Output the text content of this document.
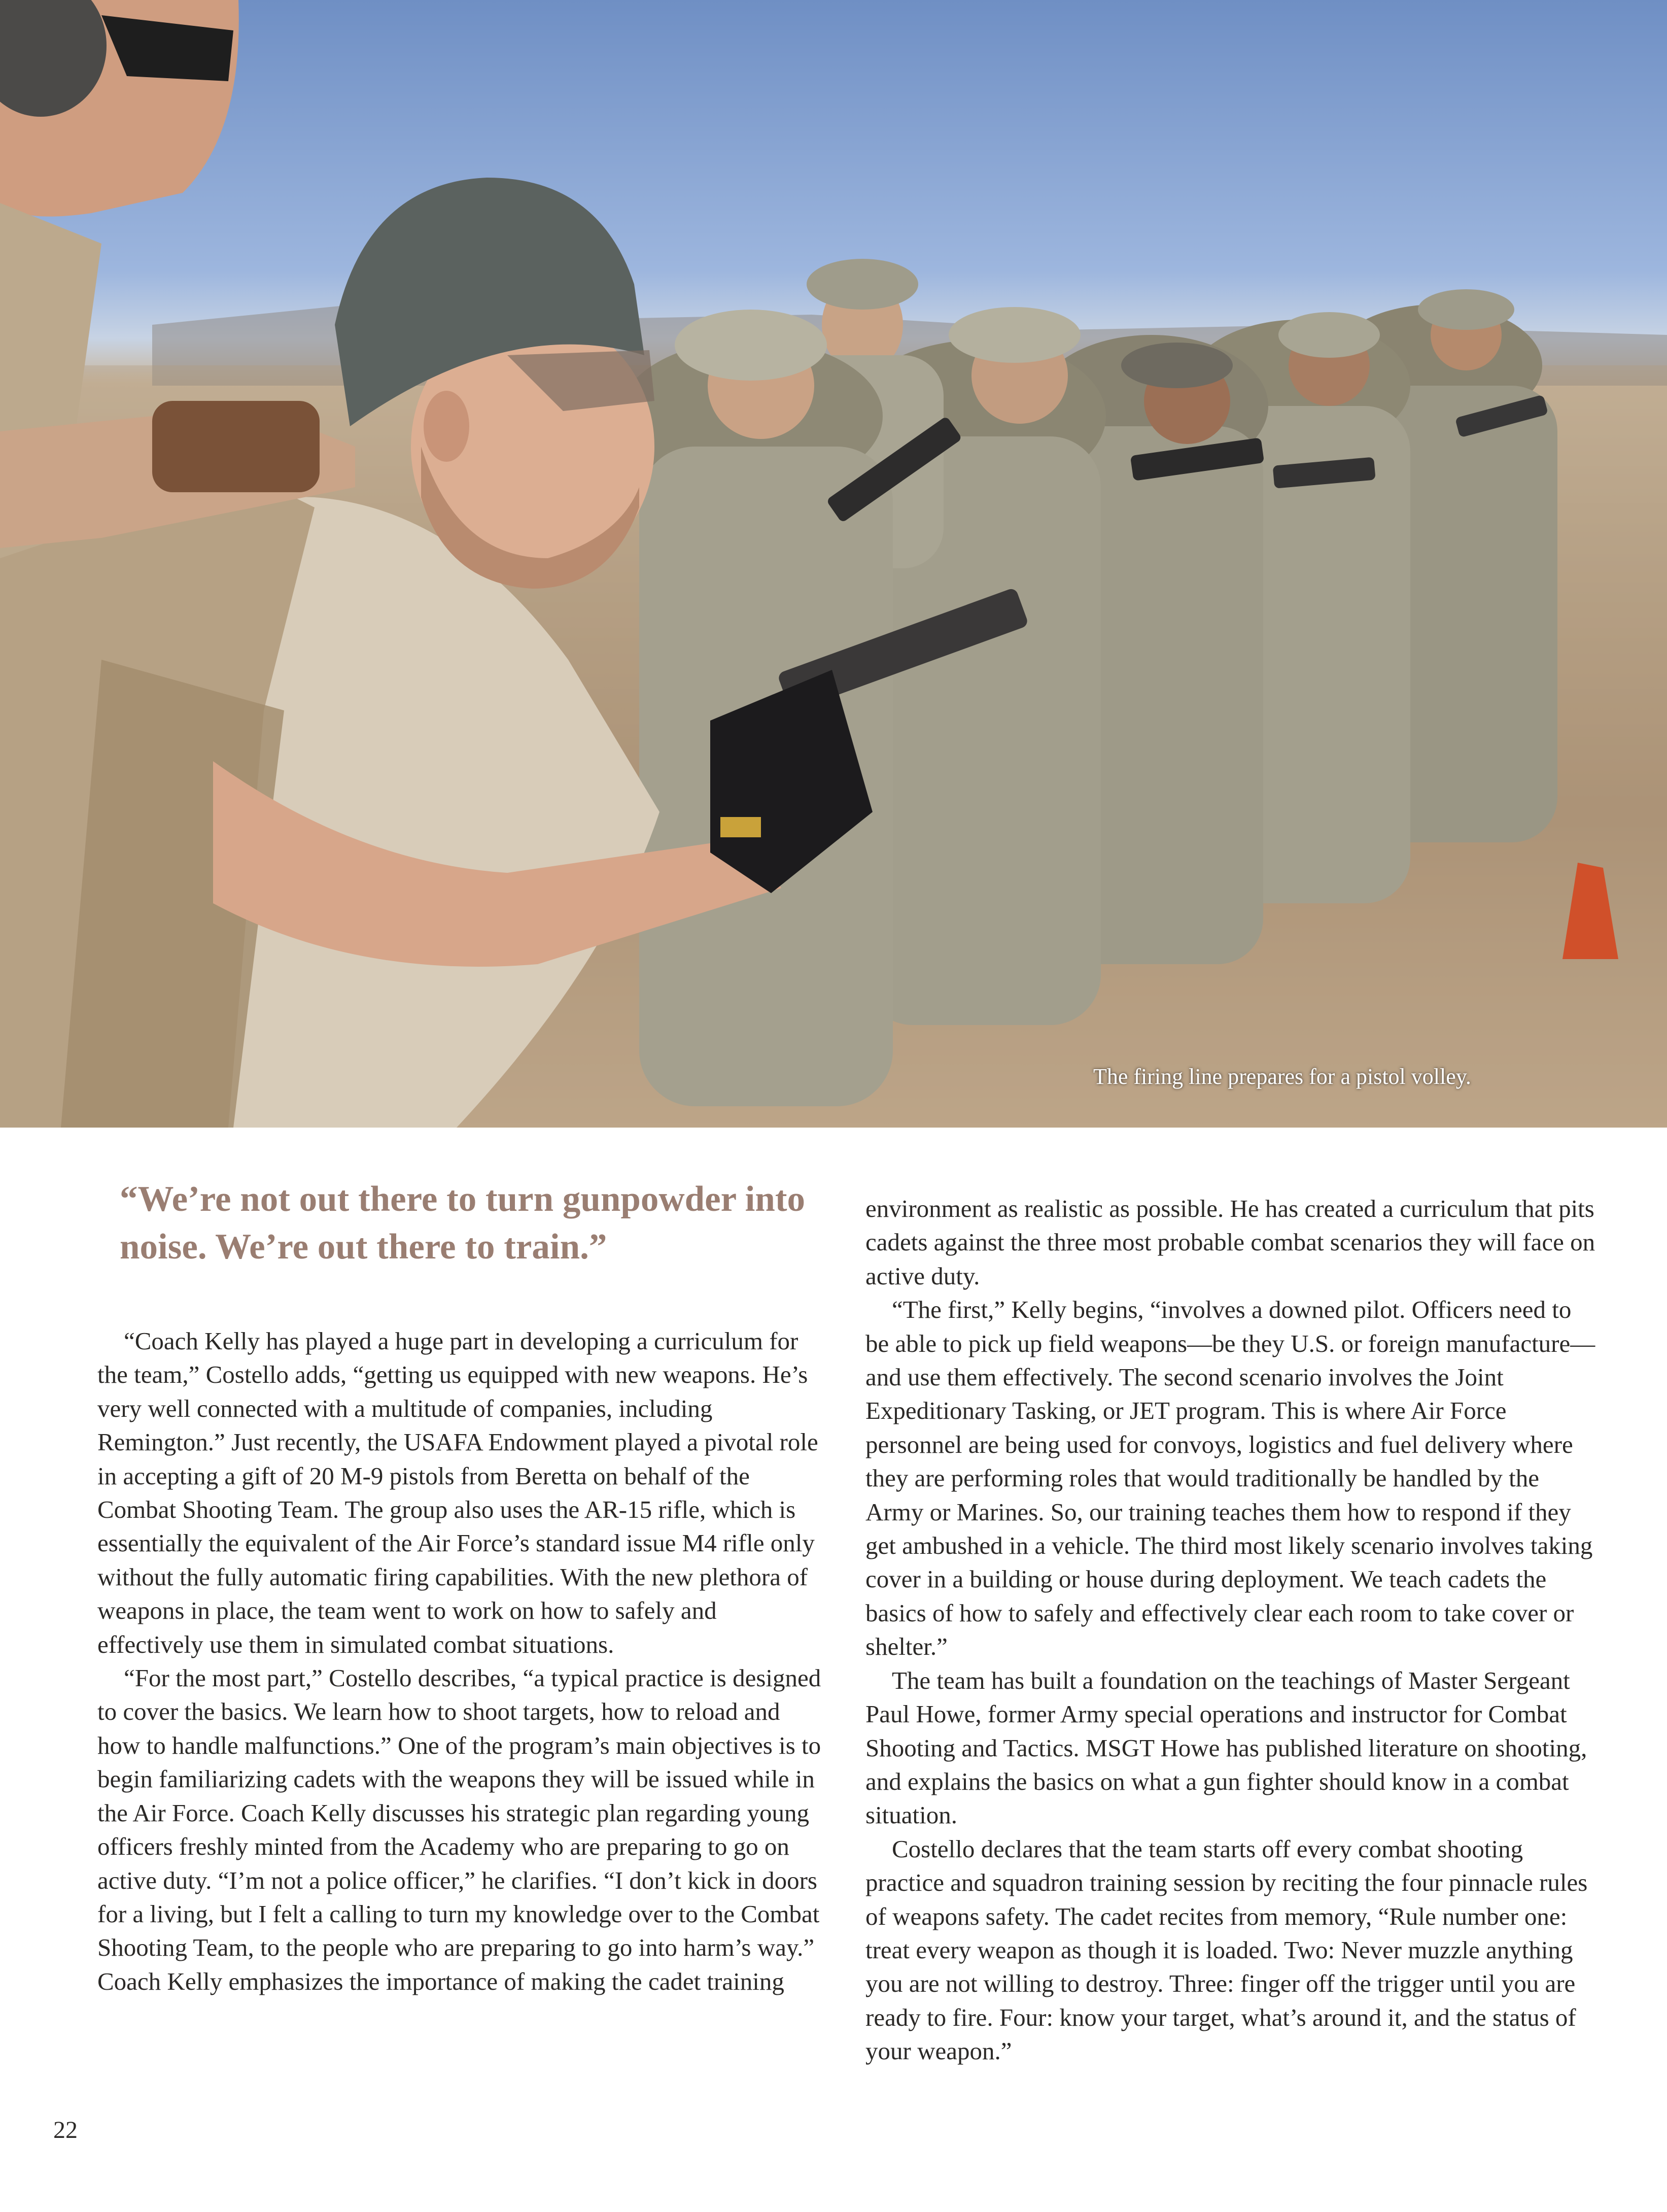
The firing line prepares for a pistol volley.

“We’re not out there to turn gunpowder into noise. We’re out there to train.”

“Coach Kelly has played a huge part in developing a curriculum for the team,” Costello adds, “getting us equipped with new weapons. He’s very well connected with a multitude of companies, including Remington.” Just recently, the USAFA Endowment played a pivotal role in accepting a gift of 20 M-9 pistols from Beretta on behalf of the Combat Shooting Team. The group also uses the AR-15 rifle, which is essentially the equivalent of the Air Force’s standard issue M4 rifle only without the fully automatic firing capabilities. With the new plethora of weapons in place, the team went to work on how to safely and effectively use them in simulated combat situations.

“For the most part,” Costello describes, “a typical practice is designed to cover the basics. We learn how to shoot targets, how to reload and how to handle malfunctions.” One of the program’s main objectives is to begin familiarizing cadets with the weapons they will be issued while in the Air Force. Coach Kelly discusses his strategic plan regarding young officers freshly minted from the Academy who are preparing to go on active duty. “I’m not a police officer,” he clarifies. “I don’t kick in doors for a living, but I felt a calling to turn my knowledge over to the Combat Shooting Team, to the people who are preparing to go into harm’s way.” Coach Kelly emphasizes the importance of making the cadet training

environment as realistic as possible. He has created a curriculum that pits cadets against the three most probable combat scenarios they will face on active duty.

“The first,” Kelly begins, “involves a downed pilot. Officers need to be able to pick up field weapons—be they U.S. or foreign manufacture—and use them effectively. The second scenario involves the Joint Expeditionary Tasking, or JET program. This is where Air Force personnel are being used for convoys, logistics and fuel delivery where they are performing roles that would traditionally be handled by the Army or Marines. So, our training teaches them how to respond if they get ambushed in a vehicle. The third most likely scenario involves taking cover in a building or house during deployment. We teach cadets the basics of how to safely and effectively clear each room to take cover or shelter.”

The team has built a foundation on the teachings of Master Sergeant Paul Howe, former Army special operations and instructor for Combat Shooting and Tactics. MSGT Howe has published literature on shooting, and explains the basics on what a gun fighter should know in a combat situation.

Costello declares that the team starts off every combat shooting practice and squadron training session by reciting the four pinnacle rules of weapons safety. The cadet recites from memory, “Rule number one: treat every weapon as though it is loaded. Two: Never muzzle anything you are not willing to destroy. Three: finger off the trigger until you are ready to fire. Four: know your target, what’s around it, and the status of your weapon.”

22
